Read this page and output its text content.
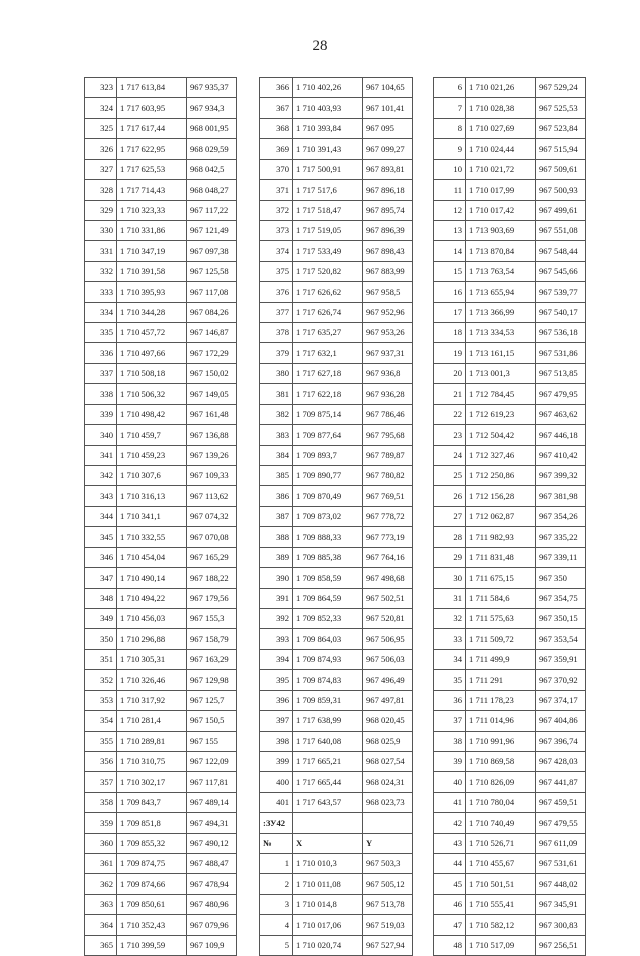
28
323	1 717 613,84	967 935,37
324	1 717 603,95	967 934,3
325	1 717 617,44	968 001,95
326	1 717 622,95	968 029,59
327	1 717 625,53	968 042,5
328	1 717 714,43	968 048,27
329	1 710 323,33	967 117,22
330	1 710 331,86	967 121,49
331	1 710 347,19	967 097,38
332	1 710 391,58	967 125,58
333	1 710 395,93	967 117,08
334	1 710 344,28	967 084,26
335	1 710 457,72	967 146,87
336	1 710 497,66	967 172,29
337	1 710 508,18	967 150,02
338	1 710 506,32	967 149,05
339	1 710 498,42	967 161,48
340	1 710 459,7	967 136,88
341	1 710 459,23	967 139,26
342	1 710 307,6	967 109,33
343	1 710 316,13	967 113,62
344	1 710 341,1	967 074,32
345	1 710 332,55	967 070,08
346	1 710 454,04	967 165,29
347	1 710 490,14	967 188,22
348	1 710 494,22	967 179,56
349	1 710 456,03	967 155,3
350	1 710 296,88	967 158,79
351	1 710 305,31	967 163,29
352	1 710 326,46	967 129,98
353	1 710 317,92	967 125,7
354	1 710 281,4	967 150,5
355	1 710 289,81	967 155
356	1 710 310,75	967 122,09
357	1 710 302,17	967 117,81
358	1 709 843,7	967 489,14
359	1 709 851,8	967 494,31
360	1 709 855,32	967 490,12
361	1 709 874,75	967 488,47
362	1 709 874,66	967 478,94
363	1 709 850,61	967 480,96
364	1 710 352,43	967 079,96
365	1 710 399,59	967 109,9
366	1 710 402,26	967 104,65
367	1 710 403,93	967 101,41
368	1 710 393,84	967 095
369	1 710 391,43	967 099,27
370	1 717 500,91	967 893,81
371	1 717 517,6	967 896,18
372	1 717 518,47	967 895,74
373	1 717 519,05	967 896,39
374	1 717 533,49	967 898,43
375	1 717 520,82	967 883,99
376	1 717 626,62	967 958,5
377	1 717 626,74	967 952,96
378	1 717 635,27	967 953,26
379	1 717 632,1	967 937,31
380	1 717 627,18	967 936,8
381	1 717 622,18	967 936,28
382	1 709 875,14	967 786,46
383	1 709 877,64	967 795,68
384	1 709 893,7	967 789,87
385	1 709 890,77	967 780,82
386	1 709 870,49	967 769,51
387	1 709 873,02	967 778,72
388	1 709 888,33	967 773,19
389	1 709 885,38	967 764,16
390	1 709 858,59	967 498,68
391	1 709 864,59	967 502,51
392	1 709 852,33	967 520,81
393	1 709 864,03	967 506,95
394	1 709 874,93	967 506,03
395	1 709 874,83	967 496,49
396	1 709 859,31	967 497,81
397	1 717 638,99	968 020,45
398	1 717 640,08	968 025,9
399	1 717 665,21	968 027,54
400	1 717 665,44	968 024,31
401	1 717 643,57	968 023,73
:ЗУ42		
№	X	Y
1	1 710 010,3	967 503,3
2	1 710 011,08	967 505,12
3	1 710 014,8	967 513,78
4	1 710 017,06	967 519,03
5	1 710 020,74	967 527,94
6	1 710 021,26	967 529,24
7	1 710 028,38	967 525,53
8	1 710 027,69	967 523,84
9	1 710 024,44	967 515,94
10	1 710 021,72	967 509,61
11	1 710 017,99	967 500,93
12	1 710 017,42	967 499,61
13	1 713 903,69	967 551,08
14	1 713 870,84	967 548,44
15	1 713 763,54	967 545,66
16	1 713 655,94	967 539,77
17	1 713 366,99	967 540,17
18	1 713 334,53	967 536,18
19	1 713 161,15	967 531,86
20	1 713 001,3	967 513,85
21	1 712 784,45	967 479,95
22	1 712 619,23	967 463,62
23	1 712 504,42	967 446,18
24	1 712 327,46	967 410,42
25	1 712 250,86	967 399,32
26	1 712 156,28	967 381,98
27	1 712 062,87	967 354,26
28	1 711 982,93	967 335,22
29	1 711 831,48	967 339,11
30	1 711 675,15	967 350
31	1 711 584,6	967 354,75
32	1 711 575,63	967 350,15
33	1 711 509,72	967 353,54
34	1 711 499,9	967 359,91
35	1 711 291	967 370,92
36	1 711 178,23	967 374,17
37	1 711 014,96	967 404,86
38	1 710 991,96	967 396,74
39	1 710 869,58	967 428,03
40	1 710 826,09	967 441,87
41	1 710 780,04	967 459,51
42	1 710 740,49	967 479,55
43	1 710 526,71	967 611,09
44	1 710 455,67	967 531,61
45	1 710 501,51	967 448,02
46	1 710 555,41	967 345,91
47	1 710 582,12	967 300,83
48	1 710 517,09	967 256,51
